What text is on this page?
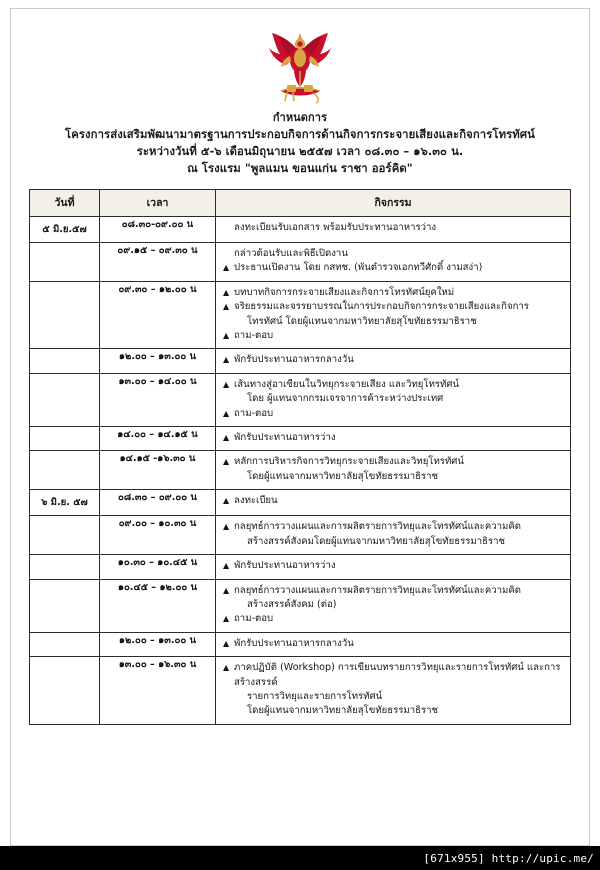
กำหนดการ
โครงการส่งเสริมพัฒนามาตรฐานการประกอบกิจการด้านกิจการกระจายเสียงและกิจการโทรทัศน์
ระหว่างวันที่ ๕-๖ เดือนมิถุนายน ๒๕๕๗ เวลา ๐๘.๓๐ – ๑๖.๓๐ น.
ณ โรงแรม "พูลแมน ขอนแก่น ราชา ออร์คิด"
วันที่	เวลา	กิจกรรม
๕ มิ.ย.๕๗	๐๘.๓๐-๐๙.๐๐ น	ลงทะเบียนรับเอกสาร พร้อมรับประทานอาหารว่าง

	๐๙.๑๕ – ๐๙.๓๐ น	กล่าวต้อนรับและพิธีเปิดงาน
▲ ประธานเปิดงาน โดย กสทช. (พันตำรวจเอกทวีศักดิ์ งามสง่า)

	๐๙.๓๐ – ๑๒.๐๐ น	▲ บทบาทกิจการกระจายเสียงและกิจการโทรทัศน์ยุคใหม่
▲ จริยธรรมและจรรยาบรรณในการประกอบกิจการกระจายเสียงและกิจการ
โทรทัศน์ โดยผู้แทนจากมหาวิทยาลัยสุโขทัยธรรมาธิราช
▲ ถาม-ตอบ

	๑๒.๐๐ – ๑๓.๐๐ น	▲ พักรับประทานอาหารกลางวัน

	๑๓.๐๐ – ๑๔.๐๐ น	▲ เส้นทางสู่อาเซียนในวิทยุกระจายเสียง และวิทยุโทรทัศน์
โดย ผู้แทนจากกรมเจรจาการค้าระหว่างประเทศ
▲ ถาม-ตอบ

	๑๔.๐๐ – ๑๔.๑๕ น	▲ พักรับประทานอาหารว่าง

	๑๔.๑๕ -๑๖.๓๐ น	▲ หลักการบริหารกิจการวิทยุกระจายเสียงและวิทยุโทรทัศน์
โดยผู้แทนจากมหาวิทยาลัยสุโขทัยธรรมาธิราช

๖ มิ.ย. ๕๗	๐๘.๓๐ – ๐๙.๐๐ น	▲ ลงทะเบียน

	๐๙.๐๐ – ๑๐.๓๐ น	▲ กลยุทธ์การวางแผนและการผลิตรายการวิทยุและโทรทัศน์และความคิด
สร้างสรรค์สังคมโดยผู้แทนจากมหาวิทยาลัยสุโขทัยธรรมาธิราช

	๑๐.๓๐ – ๑๐.๔๕ น	▲ พักรับประทานอาหารว่าง

	๑๐.๔๕ – ๑๒.๐๐ น	▲ กลยุทธ์การวางแผนและการผลิตรายการวิทยุและโทรทัศน์และความคิด
สร้างสรรค์สังคม (ต่อ)
▲ ถาม-ตอบ

	๑๒.๐๐ – ๑๓.๐๐ น	▲ พักรับประทานอาหารกลางวัน

	๑๓.๐๐ – ๑๖.๓๐ น	▲ ภาคปฏิบัติ (Workshop) การเขียนบทรายการวิทยุและรายการโทรทัศน์ และการ
สร้างสรรค์
รายการวิทยุและรายการโทรทัศน์
โดยผู้แทนจากมหาวิทยาลัยสุโขทัยธรรมาธิราช
[671x955] http://upic.me/
